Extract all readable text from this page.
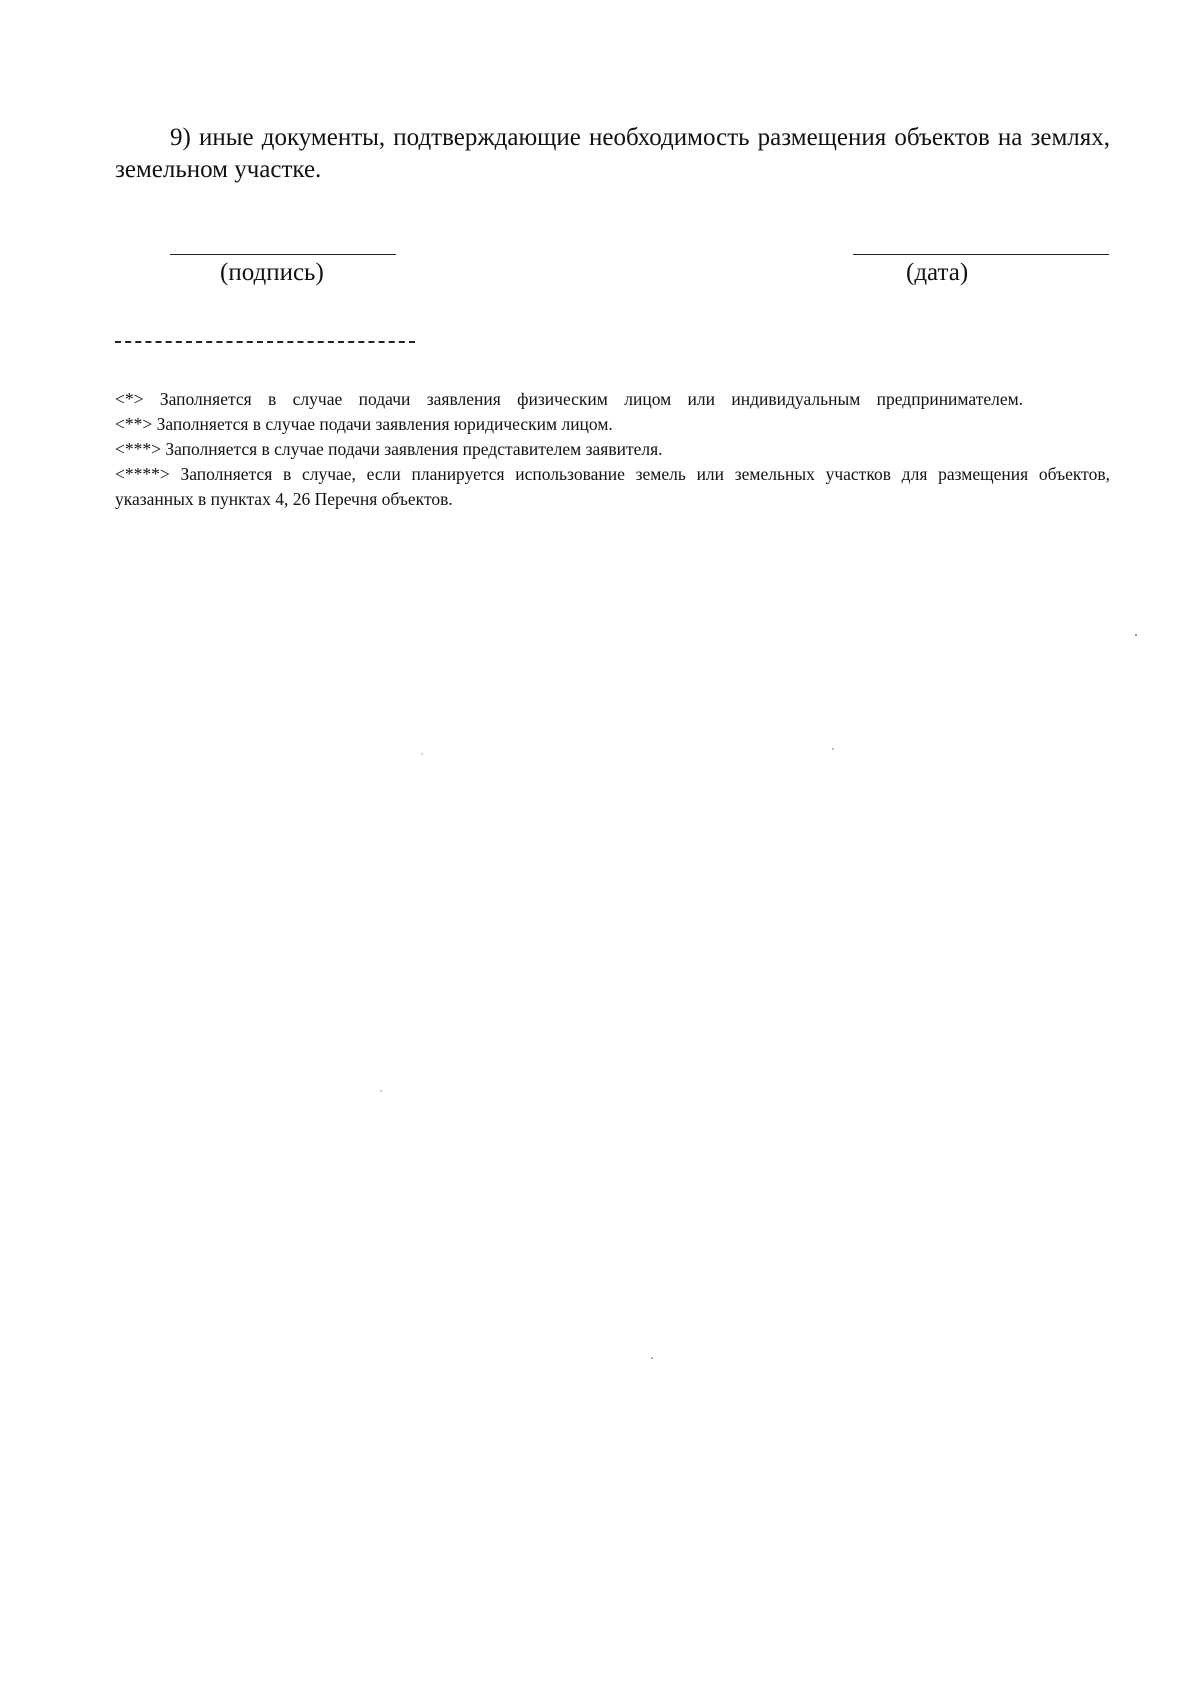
9) иные документы, подтверждающие необходимость размещения объектов на землях, земельном участке.

(подпись)	(дата)

<*> Заполняется в случае подачи заявления физическим лицом или индивидуальным предпринимателем.

<**> Заполняется в случае подачи заявления юридическим лицом.

<***> Заполняется в случае подачи заявления представителем заявителя.

<****> Заполняется в случае, если планируется использование земель или земельных участков для размещения объектов, указанных в пунктах 4, 26 Перечня объектов.
